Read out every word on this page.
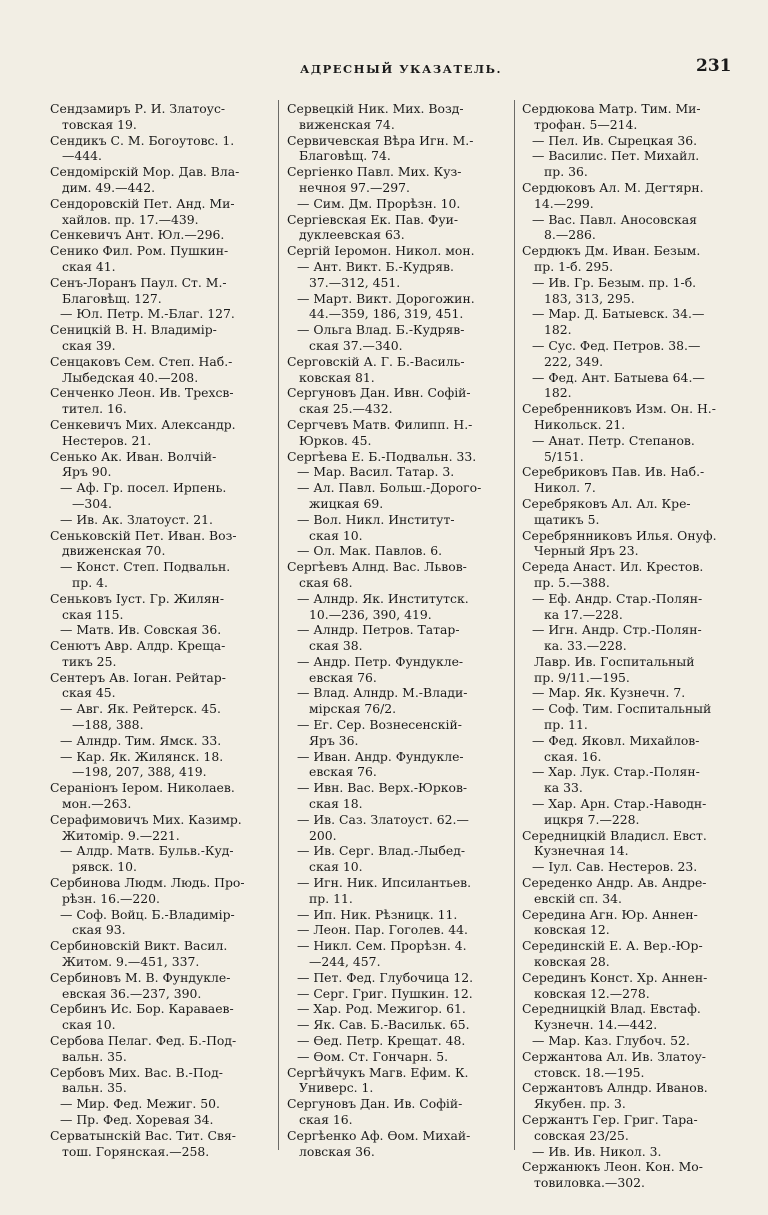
АДРЕСНЫЙ УКАЗАТЕЛЬ.	231
Сендзамиръ Р. И. Златоус-
товская 19.
Сендикъ С. М. Богоутовс. 1.
—444.
Сендомірскій Мор. Дав. Вла-
дим. 49.—442.
Сендоровскій Пет. Анд. Ми-
хайлов. пр. 17.—439.
Сенкевичъ Ант. Юл.—296.
Сенико Фил. Ром. Пушкин-
ская 41.
Сенъ-Лоранъ Паул. Ст. М.-
Благовѣщ. 127.
— Юл. Петр. М.-Благ. 127.
Сеницкій В. Н. Владимір-
ская 39.
Сенцаковъ Сем. Степ. Наб.-
Лыбедская 40.—208.
Сенченко Леон. Ив. Трехсв-
тител. 16.
Сенкевичъ Мих. Александр.
Нестеров. 21.
Сенько Ак. Иван. Волчій-
Яръ 90.
— Аф. Гр. посел. Ирпень.
—304.
— Ив. Ак. Златоуст. 21.
Сеньковскій Пет. Иван. Воз-
движенская 70.
— Конст. Степ. Подвальн.
пр. 4.
Сеньковъ Іуст. Гр. Жилян-
ская 115.
— Матв. Ив. Совская 36.
Сенютъ Авр. Алдр. Крещa-
тикъ 25.
Сентеръ Ав. Іоган. Рейтар-
ская 45.
— Авг. Як. Рейтерск. 45.
—188, 388.
— Алндр. Тим. Ямск. 33.
— Кар. Як. Жилянск. 18.
—198, 207, 388, 419.
Сераніонъ Іером. Николаев.
мон.—263.
Серафимовичъ Мих. Казимр.
Житомір. 9.—221.
— Алдр. Матв. Бульв.-Куд-
рявск. 10.
Сербинова Людм. Людь. Про-
рѣзн. 16.—220.
— Соф. Войц. Б.-Владимір-
ская 93.
Сербиновскій Викт. Васил.
Житом. 9.—451, 337.
Сербиновъ М. В. Фундукле-
евская 36.—237, 390.
Сербинъ Ис. Бор. Караваев-
ская 10.
Сербова Пелаг. Фед. Б.-Под-
вальн. 35.
Сербовъ Мих. Вас. В.-Под-
вальн. 35.
— Мир. Фед. Межиг. 50.
— Пр. Фед. Хоревая 34.
Серватынскій Вас. Тит. Свя-
тош. Горянская.—258.
Сервецкій Ник. Мих. Возд-
виженская 74.
Сервичевская Вѣра Игн. М.-
Благовѣщ. 74.
Сергіенко Павл. Мих. Куз-
нечноя 97.—297.
— Сим. Дм. Прорѣзн. 10.
Сергіевская Ек. Пав. Фуи-
дуклеевская 63.
Сергій Іеромон. Никол. мон.
— Ант. Викт. Б.-Кудряв.
37.—312, 451.
— Март. Викт. Дорогожин.
44.—359, 186, 319, 451.
— Ольга Влад. Б.-Кудряв-
ская 37.—340.
Серговскій А. Г. Б.-Василь-
ковская 81.
Сергуновъ Дан. Ивн. Софій-
ская 25.—432.
Сергчевъ Матв. Филипп. Н.-
Юрков. 45.
Сергѣева Е. Б.-Подвальн. 33.
— Мар. Васил. Татар. 3.
— Ал. Павл. Больш.-Дорого-
жицкая 69.
— Вол. Никл. Институт-
ская 10.
— Ол. Мак. Павлов. 6.
Сергѣевъ Алнд. Вас. Львов-
ская 68.
— Алндр. Як. Институтск.
10.—236, 390, 419.
— Алндр. Петров. Татар-
ская 38.
— Андр. Петр. Фундукле-
евская 76.
— Влад. Алндр. М.-Влади-
мірская 76/2.
— Ег. Сер. Вознесенскій-
Яръ 36.
— Иван. Андр. Фундукле-
евская 76.
— Ивн. Вас. Верх.-Юрков-
ская 18.
— Ив. Саз. Златоуст. 62.—
200.
— Ив. Серг. Влад.-Лыбед-
ская 10.
— Игн. Ник. Ипсилантьев.
пр. 11.
— Ип. Ник. Рѣзницк. 11.
— Леон. Пар. Гоголев. 44.
— Никл. Сем. Прорѣзн. 4.
—244, 457.
— Пет. Фед. Глубочица 12.
— Серг. Григ. Пушкин. 12.
— Хар. Род. Межигор. 61.
— Як. Сав. Б.-Васильк. 65.
— Ѳед. Петр. Крещат. 48.
— Ѳом. Ст. Гончарн. 5.
Сергѣйчукъ Магв. Ефим. К.
Универс. 1.
Сергуновъ Дан. Ив. Софій-
ская 16.
Сергѣенко Аф. Ѳом. Михай-
ловская 36.
Сердюкова Матр. Тим. Ми-
трофан. 5—214.
— Пел. Ив. Сырецкая 36.
— Василис. Пет. Михайл.
пр. 36.
Сердюковъ Ал. М. Дегтярн.
14.—299.
— Вас. Павл. Аносовская
8.—286.
Сердюкъ Дм. Иван. Безым.
пр. 1-б. 295.
— Ив. Гр. Безым. пр. 1-б.
183, 313, 295.
— Мар. Д. Батыевск. 34.—
182.
— Сус. Фед. Петров. 38.—
222, 349.
— Фед. Ант. Батыева 64.—
182.
Серебренниковъ Изм. Он. Н.-
Никольск. 21.
— Анат. Петр. Степанов.
5/151.
Серебриковъ Пав. Ив. Наб.-
Никол. 7.
Серебряковъ Ал. Ал. Кре-
щатикъ 5.
Серебрянниковъ Илья. Онуф.
Черный Яръ 23.
Середа Анаст. Ил. Крестов.
пр. 5.—388.
— Еф. Андр. Стар.-Полян-
ка 17.—228.
— Игн. Андр. Стр.-Полян-
ка. 33.—228.
Лавр. Ив. Госпитальный
пр. 9/11.—195.
— Мар. Як. Кузнечн. 7.
— Соф. Тим. Госпитальный
пр. 11.
— Фед. Яковл. Михайлов-
ская. 16.
— Хар. Лук. Стар.-Полян-
ка 33.
— Хар. Арн. Стар.-Наводн-
ицкря 7.—228.
Середницкій Владисл. Евст.
Кузнечная 14.
— Іул. Сав. Нестеров. 23.
Середенко Андр. Ав. Андре-
евскій сп. 34.
Середина Агн. Юр. Аннен-
ковская 12.
Серединскій Е. А. Вер.-Юр-
ковская 28.
Серединъ Конст. Хр. Аннен-
ковская 12.—278.
Середницкій Влад. Евстаф.
Кузнечн. 14.—442.
— Мар. Каз. Глубоч. 52.
Сержантова Ал. Ив. Златоу-
стовск. 18.—195.
Сержантовъ Алндр. Иванов.
Якубен. пр. 3.
Сержантъ Гер. Григ. Тара-
совская 23/25.
— Ив. Ив. Никол. 3.
Сержанюкъ Леон. Кон. Мо-
товиловка.—302.
